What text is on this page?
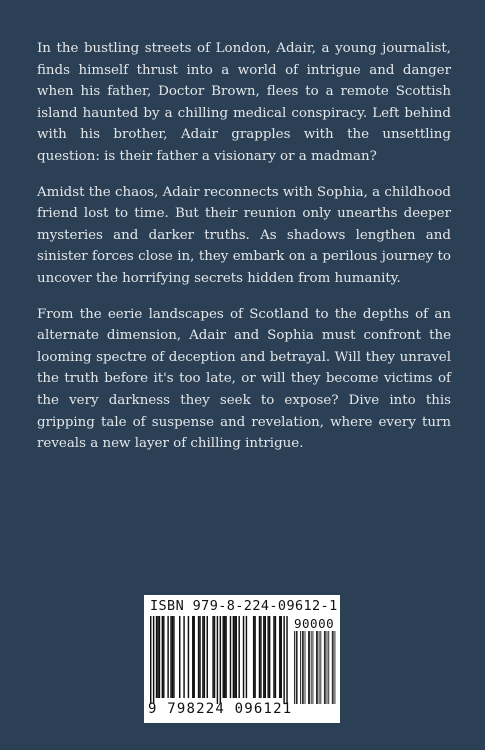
In the bustling streets of London, Adair, a young journalist, finds himself thrust into a world of intrigue and danger when his father, Doctor Brown, flees to a remote Scottish island haunted by a chilling medical conspiracy. Left behind with his brother, Adair grapples with the unsettling question: is their father a visionary or a madman?

Amidst the chaos, Adair reconnects with Sophia, a childhood friend lost to time. But their reunion only unearths deeper mysteries and darker truths. As shadows lengthen and sinister forces close in, they embark on a perilous journey to uncover the horrifying secrets hidden from humanity.

From the eerie landscapes of Scotland to the depths of an alternate dimension, Adair and Sophia must confront the looming spectre of deception and betrayal. Will they unravel the truth before it's too late, or will they become victims of the very darkness they seek to expose? Dive into this gripping tale of suspense and revelation, where every turn reveals a new layer of chilling intrigue.

ISBN 979-8-224-09612-1
90000
9 798224 096121
